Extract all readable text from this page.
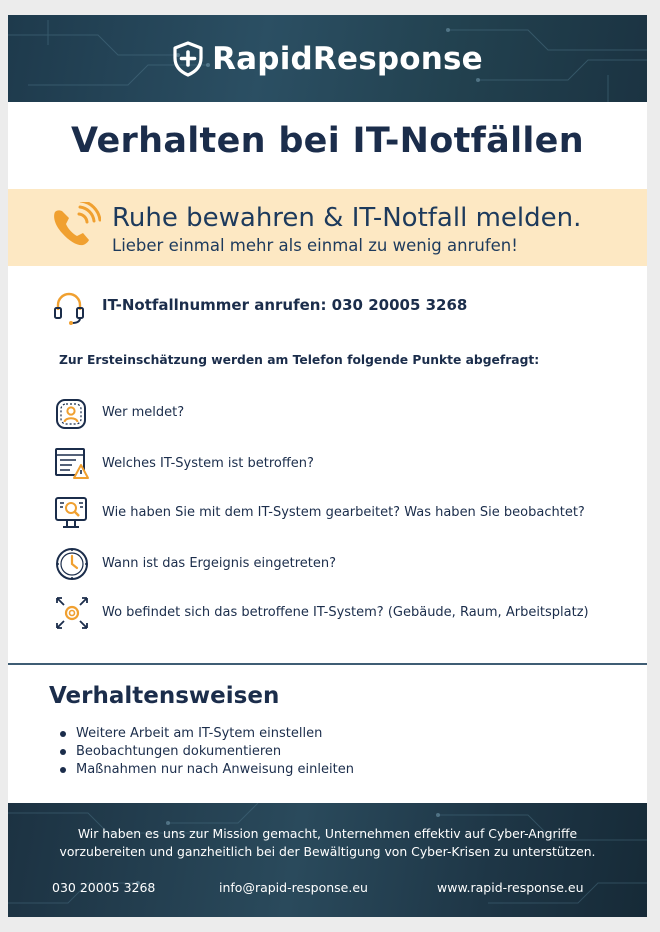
RapidResponse
Verhalten bei IT-Notfällen
Ruhe bewahren & IT-Notfall melden.
Lieber einmal mehr als einmal zu wenig anrufen!
IT-Notfallnummer anrufen: 030 20005 3268
Zur Ersteinschätzung werden am Telefon folgende Punkte abgefragt:
Wer meldet?
Welches IT-System ist betroffen?
Wie haben Sie mit dem IT-System gearbeitet? Was haben Sie beobachtet?
Wann ist das Ergeignis eingetreten?
Wo befindet sich das betroffene IT-System? (Gebäude, Raum, Arbeitsplatz)
Verhaltensweisen
Weitere Arbeit am IT-Sytem einstellen
Beobachtungen dokumentieren
Maßnahmen nur nach Anweisung einleiten
Wir haben es uns zur Mission gemacht, Unternehmen effektiv auf Cyber-Angriffe
vorzubereiten und ganzheitlich bei der Bewältigung von Cyber-Krisen zu unterstützen.
030 20005 3268	info@rapid-response.eu	www.rapid-response.eu
